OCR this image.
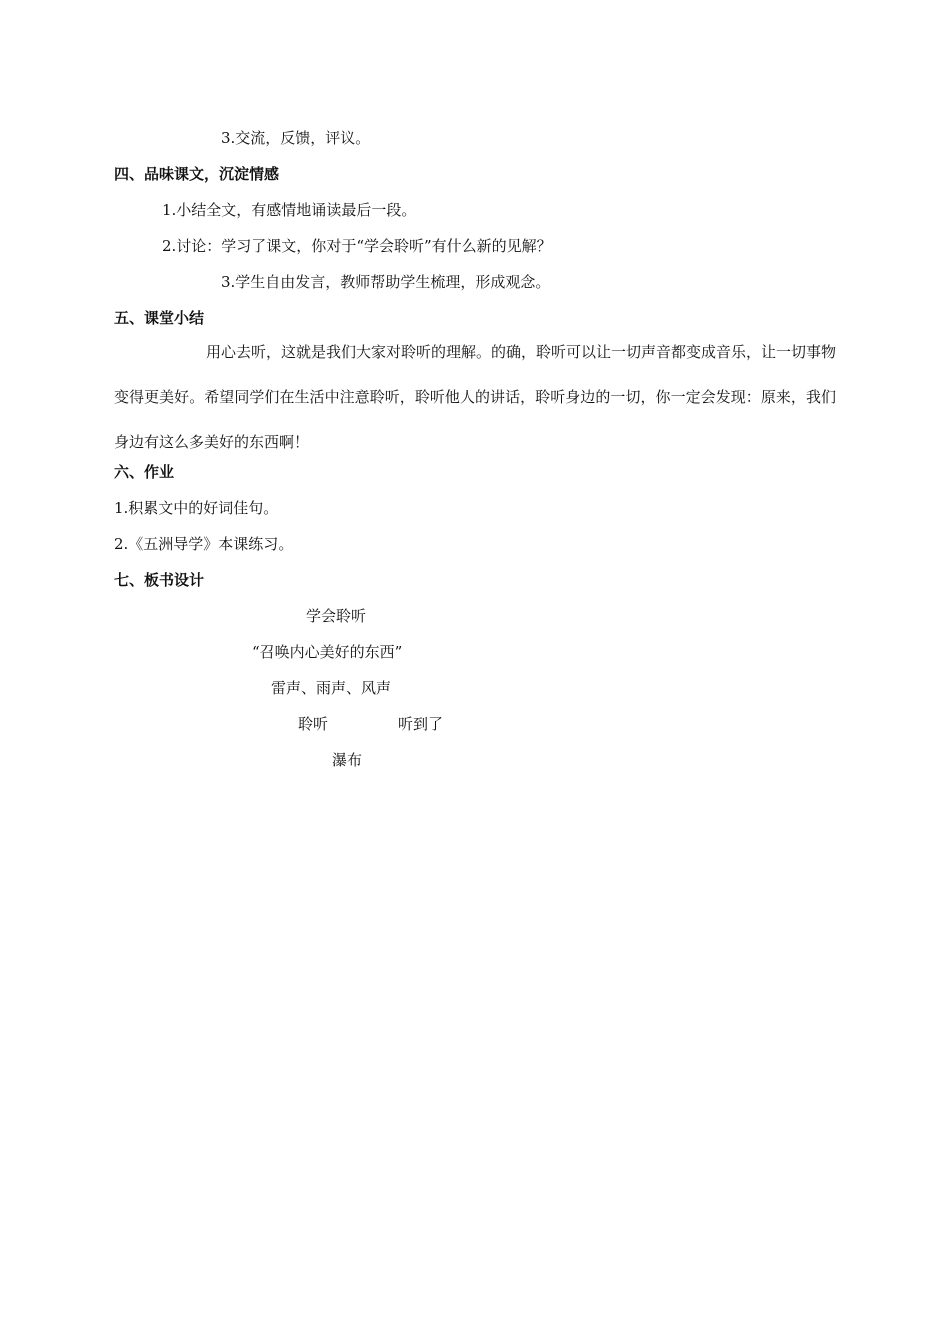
3.交流，反馈，评议。
四、品味课文，沉淀情感
1.小结全文，有感情地诵读最后一段。
2.讨论：学习了课文，你对于“学会聆听”有什么新的见解？
3.学生自由发言，教师帮助学生梳理，形成观念。
五、课堂小结
用心去听，这就是我们大家对聆听的理解。的确，聆听可以让一切声音都变成音乐，让一切事物变得更美好。希望同学们在生活中注意聆听，聆听他人的讲话，聆听身边的一切，你一定会发现：原来，我们身边有这么多美好的东西啊！
六、作业
1.积累文中的好词佳句。
2.《五洲导学》本课练习。
七、板书设计
学会聆听
“召唤内心美好的东西”
雷声、雨声、风声
聆听	听到了
瀑布
